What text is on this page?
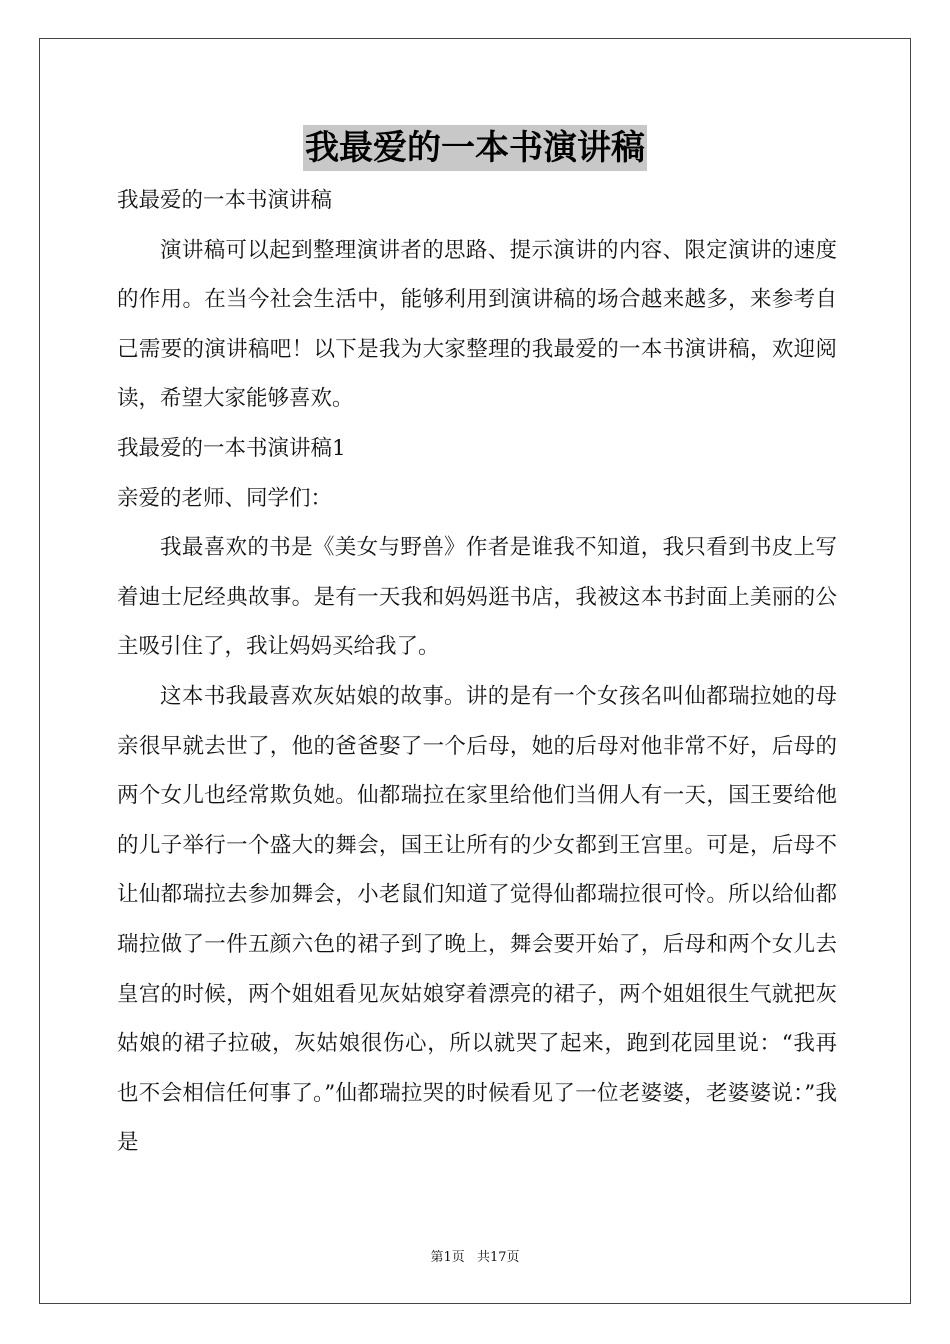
我最爱的一本书演讲稿

我最爱的一本书演讲稿

演讲稿可以起到整理演讲者的思路、提示演讲的内容、限定演讲的速度的作用。在当今社会生活中，能够利用到演讲稿的场合越来越多，来参考自己需要的演讲稿吧！以下是我为大家整理的我最爱的一本书演讲稿，欢迎阅读，希望大家能够喜欢。

我最爱的一本书演讲稿1

亲爱的老师、同学们：

我最喜欢的书是《美女与野兽》作者是谁我不知道，我只看到书皮上写着迪士尼经典故事。是有一天我和妈妈逛书店，我被这本书封面上美丽的公主吸引住了，我让妈妈买给我了。

这本书我最喜欢灰姑娘的故事。讲的是有一个女孩名叫仙都瑞拉她的母亲很早就去世了，他的爸爸娶了一个后母，她的后母对他非常不好，后母的两个女儿也经常欺负她。仙都瑞拉在家里给他们当佣人有一天，国王要给他的儿子举行一个盛大的舞会，国王让所有的少女都到王宫里。可是，后母不让仙都瑞拉去参加舞会，小老鼠们知道了觉得仙都瑞拉很可怜。所以给仙都瑞拉做了一件五颜六色的裙子到了晚上，舞会要开始了，后母和两个女儿去皇宫的时候，两个姐姐看见灰姑娘穿着漂亮的裙子，两个姐姐很生气就把灰姑娘的裙子拉破，灰姑娘很伤心，所以就哭了起来，跑到花园里说：“我再也不会相信任何事了。”仙都瑞拉哭的时候看见了一位老婆婆，老婆婆说：”我是

第1页 共17页
